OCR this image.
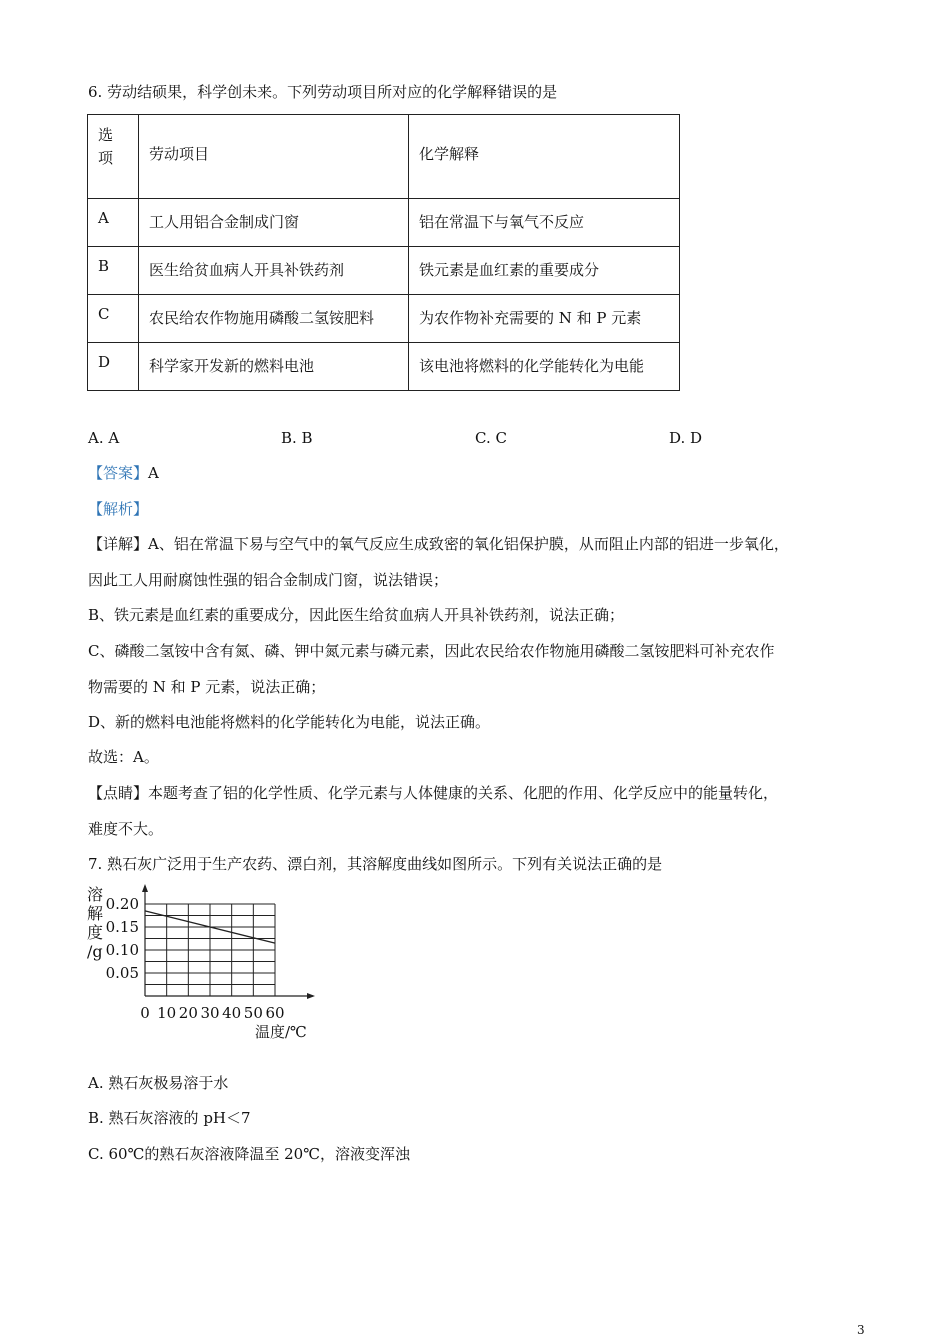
6. 劳动结硕果，科学创未来。下列劳动项目所对应的化学解释错误的是
选
项	劳动项目	化学解释
A	工人用铝合金制成门窗	铝在常温下与氧气不反应
B	医生给贫血病人开具补铁药剂	铁元素是血红素的重要成分
C	农民给农作物施用磷酸二氢铵肥料	为农作物补充需要的 N 和 P 元素
D	科学家开发新的燃料电池	该电池将燃料的化学能转化为电能
A. A	B. B	C. C	D. D
【答案】A
【解析】
【详解】A、铝在常温下易与空气中的氧气反应生成致密的氧化铝保护膜，从而阻止内部的铝进一步氧化，
因此工人用耐腐蚀性强的铝合金制成门窗，说法错误；
B、铁元素是血红素的重要成分，因此医生给贫血病人开具补铁药剂，说法正确；
C、磷酸二氢铵中含有氮、磷、钾中氮元素与磷元素，因此农民给农作物施用磷酸二氢铵肥料可补充农作
物需要的 N 和 P 元素，说法正确；
D、新的燃料电池能将燃料的化学能转化为电能，说法正确。
故选：A。
【点睛】本题考查了铝的化学性质、化学元素与人体健康的关系、化肥的作用、化学反应中的能量转化，
难度不大。
7. 熟石灰广泛用于生产农药、漂白剂，其溶解度曲线如图所示。下列有关说法正确的是
溶
解
度
/g
0.20
0.15
0.10
0.05
0 10 20 30 40 50 60
温度/℃
A. 熟石灰极易溶于水
B. 熟石灰溶液的 pH＜7
C. 60℃的熟石灰溶液降温至 20℃，溶液变浑浊
3
